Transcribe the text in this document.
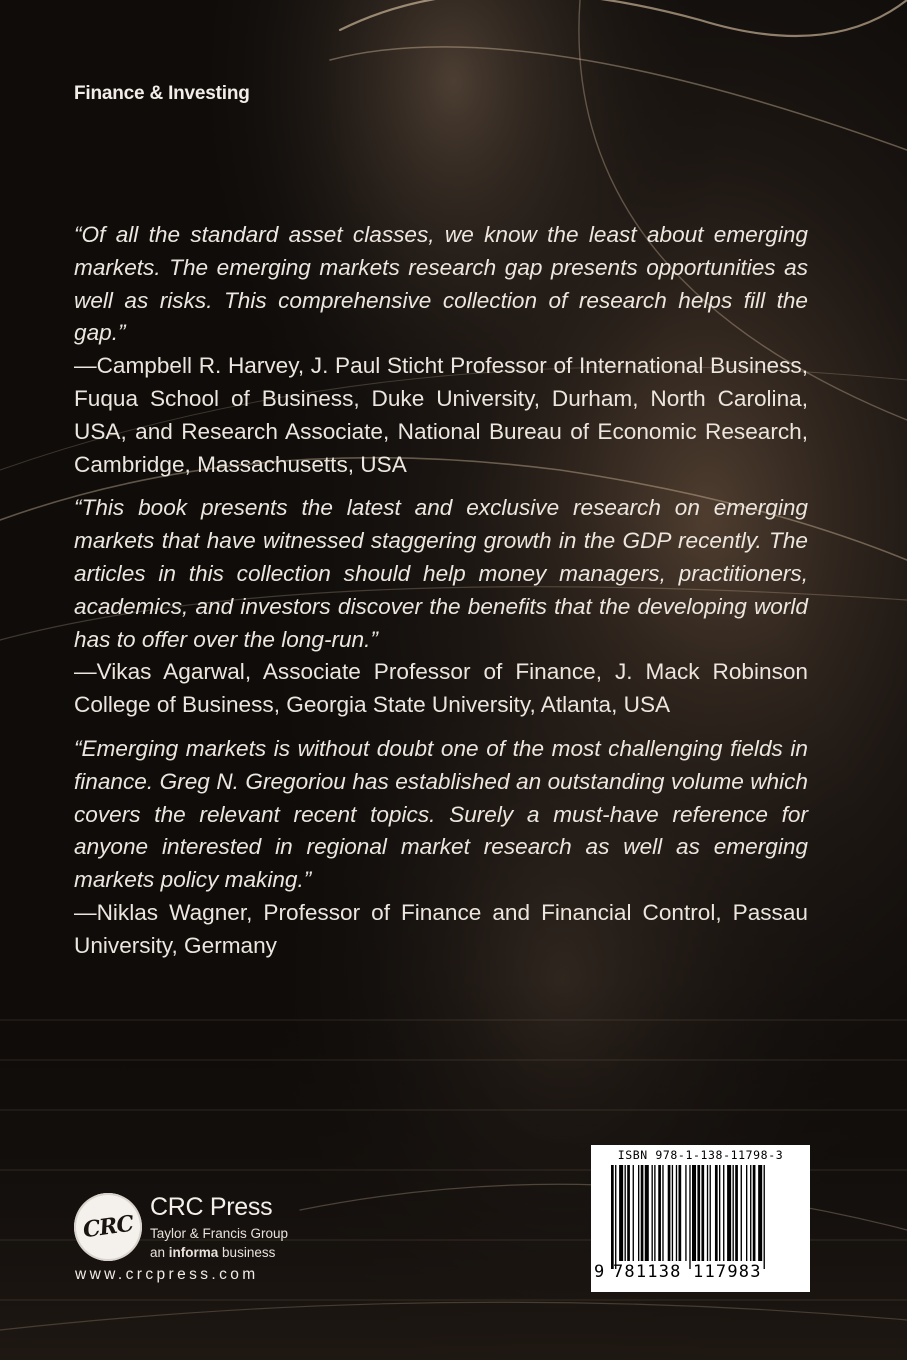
Finance & Investing
“Of all the standard asset classes, we know the least about emerging markets. The emerging markets research gap presents opportunities as well as risks. This comprehensive collection of research helps fill the gap.”
—Campbell R. Harvey, J. Paul Sticht Professor of International Business, Fuqua School of Business, Duke University, Durham, North Carolina, USA, and Research Associate, National Bureau of Economic Research, Cambridge, Massachusetts, USA
“This book presents the latest and exclusive research on emerging markets that have witnessed staggering growth in the GDP recently. The articles in this collection should help money managers, practitioners, academics, and investors discover the benefits that the developing world has to offer over the long-run.”
—Vikas Agarwal, Associate Professor of Finance, J. Mack Robinson College of Business, Georgia State University, Atlanta, USA
“Emerging markets is without doubt one of the most challenging fields in finance. Greg N. Gregoriou has established an outstanding volume which covers the relevant recent topics. Surely a must-have reference for anyone interested in regional market research as well as emerging markets policy making.”
—Niklas Wagner, Professor of Finance and Financial Control, Passau University, Germany
CRC
CRC Press
Taylor & Francis Group
an informa business
www.crcpress.com
ISBN 978-1-138-11798-3
9 781138 117983
